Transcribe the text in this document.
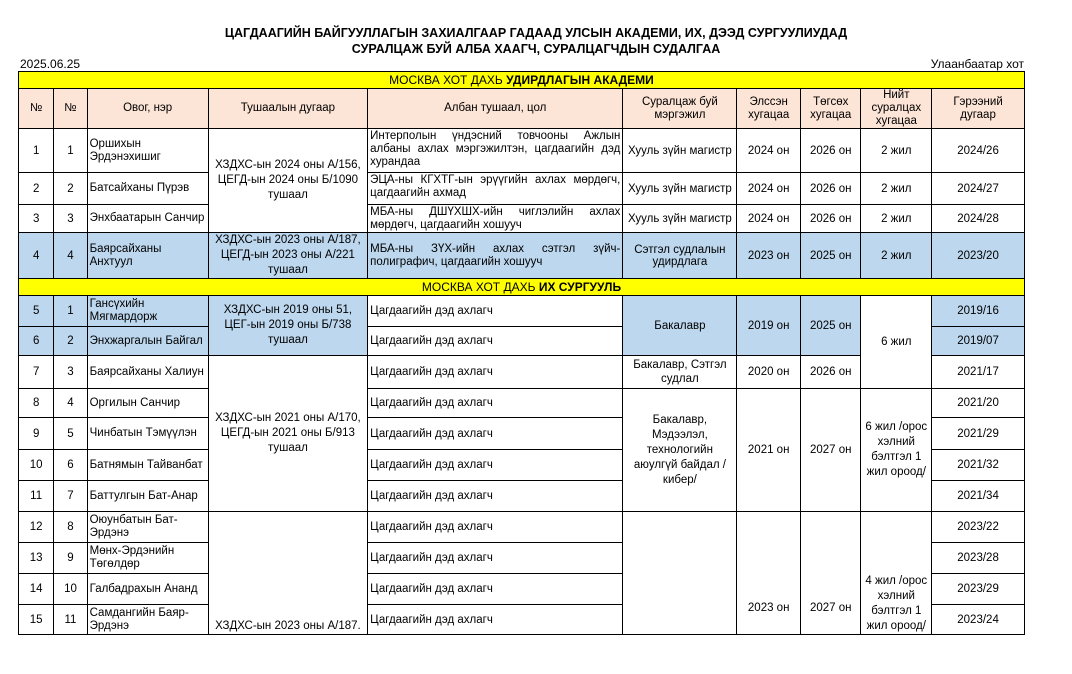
ЦАГДААГИЙН БАЙГУУЛЛАГЫН ЗАХИАЛГААР ГАДААД УЛСЫН АКАДЕМИ, ИХ, ДЭЭД СУРГУУЛИУДАД
СУРАЛЦАЖ БУЙ АЛБА ХААГЧ, СУРАЛЦАГЧДЫН СУДАЛГАА
2025.06.25	Улаанбаатар хот
МОСКВА ХОТ ДАХЬ УДИРДЛАГЫН АКАДЕМИ									
№	№	Овог, нэр	Тушаалын дугаар	Албан тушаал, цол	Суралцаж буй мэргэжил	Элссэн хугацаа	Төгсөх хугацаа	Нийт суралцах хугацаа	Гэрээний дугаар
1	1	Оршихын Эрдэнэхишиг	ХЗДХС-ын 2024 оны А/156, ЦЕГД-ын 2024 оны Б/1090 тушаал	Интерполын үндэсний товчооны Ажлын албаны ахлах мэргэжилтэн, цагдаагийн дэд хурандаа	Хууль зүйн магистр	2024 он	2026 он	2 жил	2024/26
2	2	Батсайханы Пүрэв		ЭЦА-ны КГХТГ-ын эрүүгийн ахлах мөрдөгч, цагдаагийн ахмад	Хууль зүйн магистр	2024 он	2026 он	2 жил	2024/27
3	3	Энхбаатарын Санчир		МБА-ны ДШҮХШХ-ийн чиглэлийн ахлах мөрдөгч, цагдаагийн хошууч	Хууль зүйн магистр	2024 он	2026 он	2 жил	2024/28
4	4	Баярсайханы Анхтуул	ХЗДХС-ын 2023 оны А/187, ЦЕГД-ын 2023 оны А/221 тушаал	МБА-ны ЗҮХ-ийн ахлах сэтгэл зүйч-полиграфич, цагдаагийн хошууч	Сэтгэл судлалын удирдлага	2023 он	2025 он	2 жил	2023/20
МОСКВА ХОТ ДАХЬ ИХ СУРГУУЛЬ									
5	1	Гансүхийн Мягмардорж	ХЗДХС-ын 2019 оны 51, ЦЕГ-ын 2019 оны Б/738 тушаал	Цагдаагийн дэд ахлагч	Бакалавр	2019 он	2025 он	6 жил	2019/16
6	2	Энхжаргалын Байгал		Цагдаагийн дэд ахлагч					2019/07
7	3	Баярсайханы Халиун	ХЗДХС-ын 2021 оны А/170, ЦЕГД-ын 2021 оны Б/913 тушаал	Цагдаагийн дэд ахлагч	Бакалавр, Сэтгэл судлал	2020 он	2026 он		2021/17
8	4	Оргилын Санчир		Цагдаагийн дэд ахлагч	Бакалавр, Мэдээлэл, технологийн аюулгүй байдал /кибер/	2021 он	2027 он	6 жил /орос хэлний бэлтгэл 1 жил ороод/	2021/20
9	5	Чинбатын Тэмүүлэн		Цагдаагийн дэд ахлагч					2021/29
10	6	Батнямын Тайванбат		Цагдаагийн дэд ахлагч					2021/32
11	7	Баттулгын Бат-Анар		Цагдаагийн дэд ахлагч					2021/34
12	8	Оюунбатын Бат-Эрдэнэ	ХЗДХС-ын 2023 оны А/187.	Цагдаагийн дэд ахлагч		2023 он	2027 он	4 жил /орос хэлний бэлтгэл 1 жил ороод/	2023/22
13	9	Мөнх-Эрдэнийн Төгөлдөр		Цагдаагийн дэд ахлагч					2023/28
14	10	Галбадрахын Ананд		Цагдаагийн дэд ахлагч					2023/29
15	11	Самдангийн Баяр-Эрдэнэ		Цагдаагийн дэд ахлагч					2023/24
